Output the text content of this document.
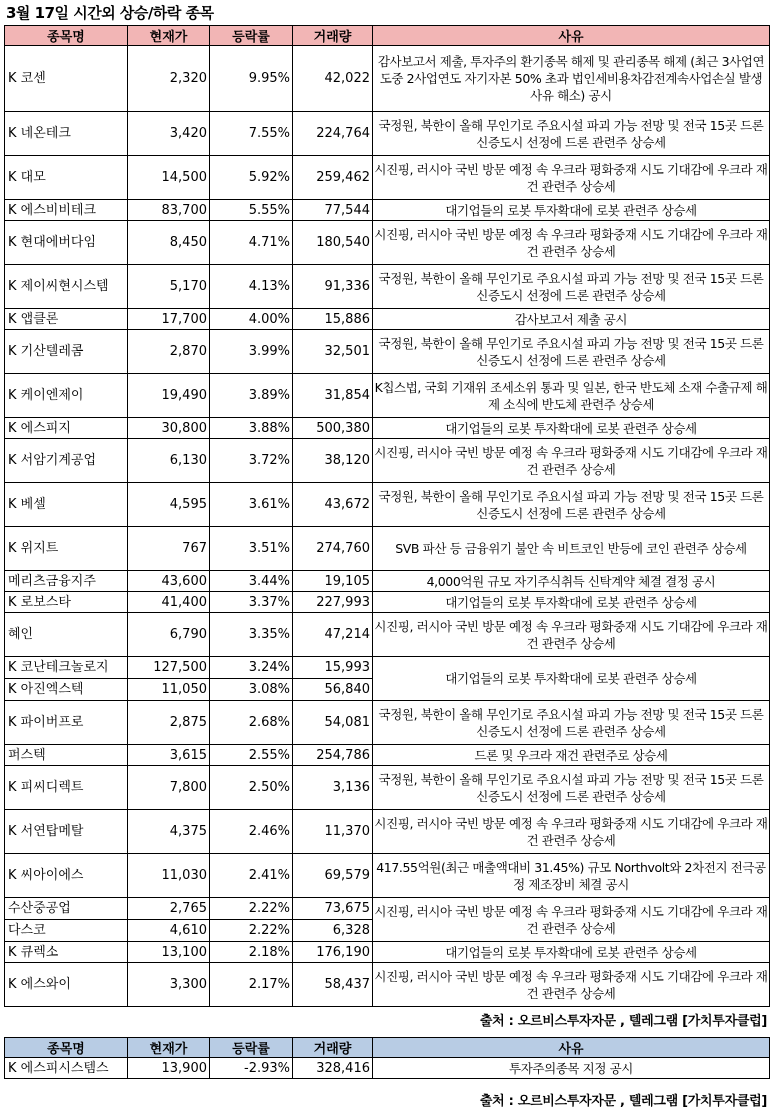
3월 17일 시간외 상승/하락 종목
종목명	현재가	등락률	거래량	사유
K 코센	2,320	9.95%	42,022	감사보고서 제출, 투자주의 환기종목 해제 및 관리종목 해제 (최근 3사업연도중 2사업연도 자기자본 50% 초과 법인세비용차감전계속사업손실 발생 사유 해소) 공시
K 네온테크	3,420	7.55%	224,764	국정원, 북한이 올해 무인기로 주요시설 파괴 가능 전망 및 전국 15곳 드론신증도시 선정에 드론 관련주 상승세
K 대모	14,500	5.92%	259,462	시진핑, 러시아 국빈 방문 예정 속 우크라 평화중재 시도 기대감에 우크라 재건 관련주 상승세
K 에스비비테크	83,700	5.55%	77,544	대기업들의 로봇 투자확대에 로봇 관련주 상승세
K 현대에버다임	8,450	4.71%	180,540	시진핑, 러시아 국빈 방문 예정 속 우크라 평화중재 시도 기대감에 우크라 재건 관련주 상승세
K 제이씨현시스템	5,170	4.13%	91,336	국정원, 북한이 올해 무인기로 주요시설 파괴 가능 전망 및 전국 15곳 드론신증도시 선정에 드론 관련주 상승세
K 앱클론	17,700	4.00%	15,886	감사보고서 제출 공시
K 기산텔레콤	2,870	3.99%	32,501	국정원, 북한이 올해 무인기로 주요시설 파괴 가능 전망 및 전국 15곳 드론신증도시 선정에 드론 관련주 상승세
K 케이엔제이	19,490	3.89%	31,854	K칩스법, 국회 기재위 조세소위 통과 및 일본, 한국 반도체 소재 수출규제 해제 소식에 반도체 관련주 상승세
K 에스피지	30,800	3.88%	500,380	대기업들의 로봇 투자확대에 로봇 관련주 상승세
K 서암기계공업	6,130	3.72%	38,120	시진핑, 러시아 국빈 방문 예정 속 우크라 평화중재 시도 기대감에 우크라 재건 관련주 상승세
K 베셀	4,595	3.61%	43,672	국정원, 북한이 올해 무인기로 주요시설 파괴 가능 전망 및 전국 15곳 드론신증도시 선정에 드론 관련주 상승세
K 위지트	767	3.51%	274,760	SVB 파산 등 금융위기 불안 속 비트코인 반등에 코인 관련주 상승세
메리츠금융지주	43,600	3.44%	19,105	4,000억원 규모 자기주식취득 신탁계약 체결 결정 공시
K 로보스타	41,400	3.37%	227,993	대기업들의 로봇 투자확대에 로봇 관련주 상승세
혜인	6,790	3.35%	47,214	시진핑, 러시아 국빈 방문 예정 속 우크라 평화중재 시도 기대감에 우크라 재건 관련주 상승세
K 코난테크놀로지	127,500	3.24%	15,993	대기업들의 로봇 투자확대에 로봇 관련주 상승세
K 아진엑스텍	11,050	3.08%	56,840	
K 파이버프로	2,875	2.68%	54,081	국정원, 북한이 올해 무인기로 주요시설 파괴 가능 전망 및 전국 15곳 드론신증도시 선정에 드론 관련주 상승세
퍼스텍	3,615	2.55%	254,786	드론 및 우크라 재건 관련주로 상승세
K 피씨디렉트	7,800	2.50%	3,136	국정원, 북한이 올해 무인기로 주요시설 파괴 가능 전망 및 전국 15곳 드론신증도시 선정에 드론 관련주 상승세
K 서연탑메탈	4,375	2.46%	11,370	시진핑, 러시아 국빈 방문 예정 속 우크라 평화중재 시도 기대감에 우크라 재건 관련주 상승세
K 씨아이에스	11,030	2.41%	69,579	417.55억원(최근 매출액대비 31.45%) 규모 Northvolt와 2차전지 전극공정 제조장비 체결 공시
수산중공업	2,765	2.22%	73,675	시진핑, 러시아 국빈 방문 예정 속 우크라 평화중재 시도 기대감에 우크라 재건 관련주 상승세
다스코	4,610	2.22%	6,328	
K 큐렉소	13,100	2.18%	176,190	대기업들의 로봇 투자확대에 로봇 관련주 상승세
K 에스와이	3,300	2.17%	58,437	시진핑, 러시아 국빈 방문 예정 속 우크라 평화중재 시도 기대감에 우크라 재건 관련주 상승세
출처 : 오르비스투자자문 , 텔레그램 [가치투자클럽]
종목명	현재가	등락률	거래량	사유
K 에스피시스템스	13,900	-2.93%	328,416	투자주의종목 지정 공시
출처 : 오르비스투자자문 , 텔레그램 [가치투자클럽]
